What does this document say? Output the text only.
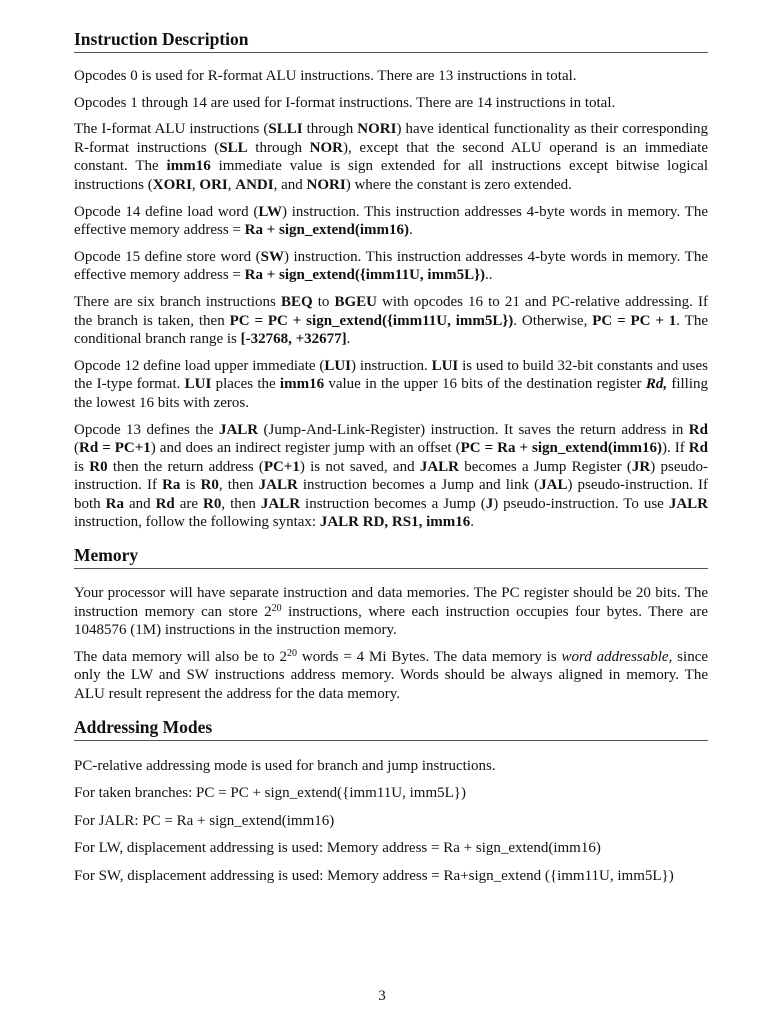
Instruction Description

Opcodes 0 is used for R-format ALU instructions. There are 13 instructions in total.

Opcodes 1 through 14 are used for I-format instructions. There are 14 instructions in total.

The I-format ALU instructions (SLLI through NORI) have identical functionality as their corresponding R-format instructions (SLL through NOR), except that the second ALU operand is an immediate constant. The imm16 immediate value is sign extended for all instructions except bitwise logical instructions (XORI, ORI, ANDI, and NORI) where the constant is zero extended.

Opcode 14 define load word (LW) instruction. This instruction addresses 4-byte words in memory. The effective memory address = Ra + sign_extend(imm16).

Opcode 15 define store word (SW) instruction. This instruction addresses 4-byte words in memory. The effective memory address = Ra + sign_extend({imm11U, imm5L})..

There are six branch instructions BEQ to BGEU with opcodes 16 to 21 and PC-relative addressing. If the branch is taken, then PC = PC + sign_extend({imm11U, imm5L}). Otherwise, PC = PC + 1. The conditional branch range is [-32768, +32677].

Opcode 12 define load upper immediate (LUI) instruction. LUI is used to build 32-bit constants and uses the I-type format. LUI places the imm16 value in the upper 16 bits of the destination register Rd, filling the lowest 16 bits with zeros.

Opcode 13 defines the JALR (Jump-And-Link-Register) instruction. It saves the return address in Rd (Rd = PC+1) and does an indirect register jump with an offset (PC = Ra + sign_extend(imm16)). If Rd is R0 then the return address (PC+1) is not saved, and JALR becomes a Jump Register (JR) pseudo-instruction. If Ra is R0, then JALR instruction becomes a Jump and link (JAL) pseudo-instruction. If both Ra and Rd are R0, then JALR instruction becomes a Jump (J) pseudo-instruction. To use JALR instruction, follow the following syntax: JALR RD, RS1, imm16.

Memory

Your processor will have separate instruction and data memories. The PC register should be 20 bits. The instruction memory can store $2^{20}$ instructions, where each instruction occupies four bytes. There are 1048576 (1M) instructions in the instruction memory.

The data memory will also be to $2^{20}$ words = 4 Mi Bytes. The data memory is word addressable, since only the LW and SW instructions address memory. Words should be always aligned in memory. The ALU result represent the address for the data memory.

Addressing Modes

PC-relative addressing mode is used for branch and jump instructions.

For taken branches: PC = PC + sign_extend({imm11U, imm5L})

For JALR: PC = Ra + sign_extend(imm16)

For LW, displacement addressing is used: Memory address = Ra + sign_extend(imm16)

For SW, displacement addressing is used: Memory address = Ra+sign_extend ({imm11U, imm5L})

3
